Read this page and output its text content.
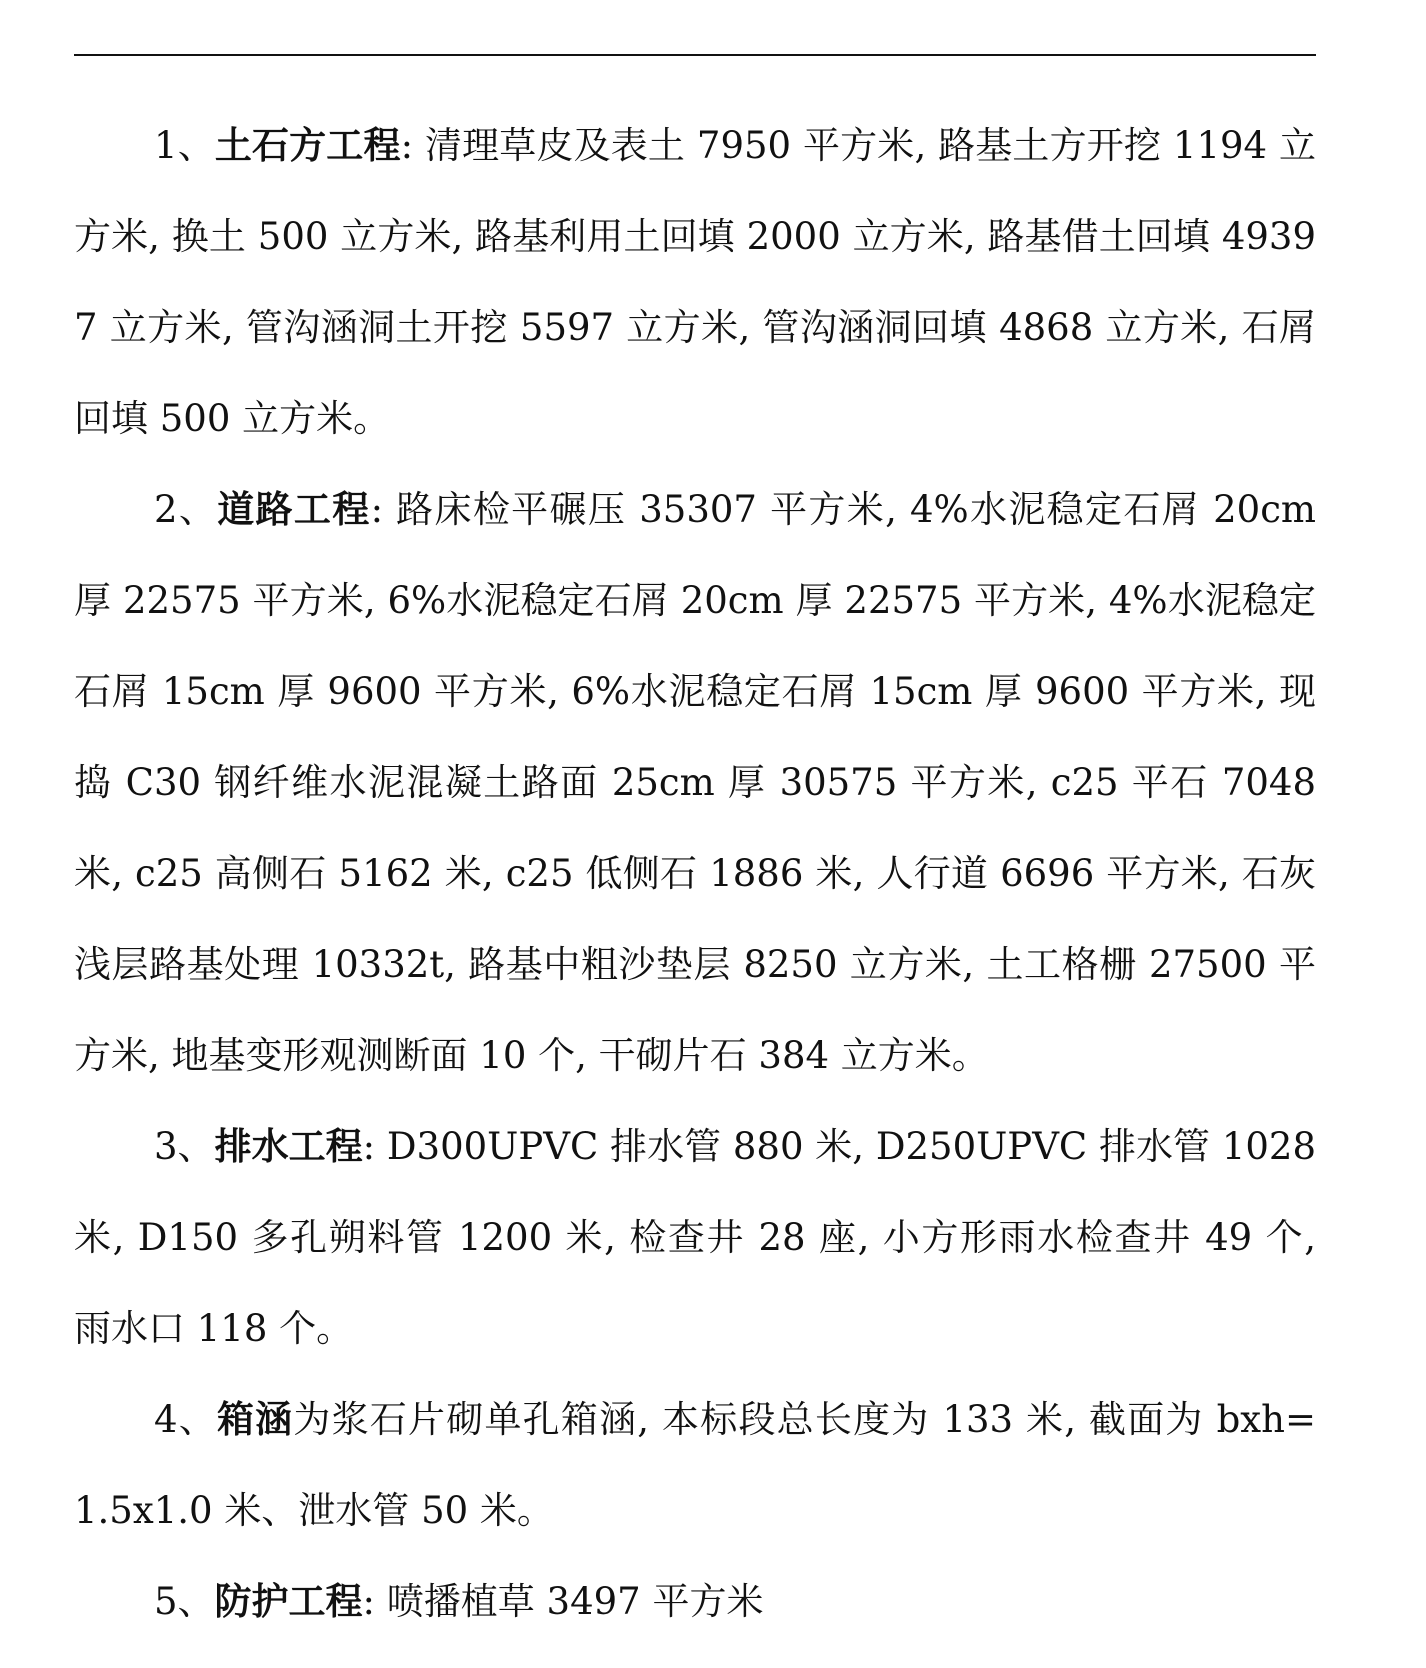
1、土石方工程: 清理草皮及表土 7950 平方米, 路基土方开挖 1194 立方米, 换土 500 立方米, 路基利用土回填 2000 立方米, 路基借土回填 49397 立方米, 管沟涵洞土开挖 5597 立方米, 管沟涵洞回填 4868 立方米, 石屑回填 500 立方米。

2、道路工程: 路床检平碾压 35307 平方米, 4%水泥稳定石屑 20cm 厚 22575 平方米, 6%水泥稳定石屑 20cm 厚 22575 平方米, 4%水泥稳定石屑 15cm 厚 9600 平方米, 6%水泥稳定石屑 15cm 厚 9600 平方米, 现捣 C30 钢纤维水泥混凝土路面 25cm 厚 30575 平方米, c25 平石 7048 米, c25 高侧石 5162 米, c25 低侧石 1886 米, 人行道 6696 平方米, 石灰浅层路基处理 10332t, 路基中粗沙垫层 8250 立方米, 土工格栅 27500 平方米, 地基变形观测断面 10 个, 干砌片石 384 立方米。

3、排水工程: D300UPVC 排水管 880 米, D250UPVC 排水管 1028 米, D150 多孔朔料管 1200 米, 检查井 28 座, 小方形雨水检查井 49 个, 雨水口 118 个。

4、箱涵为浆石片砌单孔箱涵, 本标段总长度为 133 米, 截面为 bxh= 1.5x1.0 米、泄水管 50 米。

5、防护工程: 喷播植草 3497 平方米
